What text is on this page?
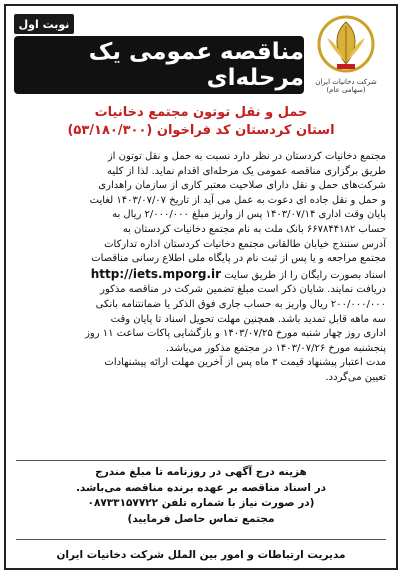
نوبت اول
مناقصه عمومی یک مرحله‌ای	شرکت دخانیات ایران (سهامی عام)
حمل و نقل توتون مجتمع دخانیات
استان کردستان کد فراخوان (۵۳/۱۸۰/۳۰۰)
مجتمع دخانیات کردستان در نظر دارد نسبت به حمل و نقل توتون از
طریق برگزاری مناقصه عمومی یک مرحله‌ای اقدام نماید. لذا از کلیه
شرکت‌های حمل و نقل دارای صلاحیت معتبر کاری از سازمان راهداری
و حمل و نقل جاده ای دعوت به عمل می آید از تاریخ ۱۴۰۳/۰۷/۰۷ لغایت
پایان وقت اداری ۱۴۰۳/۰۷/۱۴ پس از واریز مبلغ ۲/۰۰۰/۰۰۰ ریال به
حساب ۶۶۷۸۴۴۱۸۲ بانک ملت به نام مجتمع دخانیات کردستان به
آدرس سنندج خیابان طالقانی مجتمع دخانیات کردستان اداره تدارکات
مجتمع مراجعه و یا پس از ثبت نام در پایگاه ملی اطلاع رسانی مناقصات
اسناد بصورت رایگان را از طریق سایت http://iets.mporg.ir
دریافت نمایند. شایان ذکر است مبلغ تضمین شرکت در مناقصه مذکور
۲۰۰/۰۰۰/۰۰۰ ریال واریز به حساب جاری فوق الذکر یا ضمانتنامه بانکی
سه ماهه قابل تمدید باشد. همچنین مهلت تحویل اسناد تا پایان وقت
اداری روز چهار شنبه مورخ ۱۴۰۳/۰۷/۲۵ و بازگشایی پاکات ساعت ۱۱ روز
پنجشنبه مورخ ۱۴۰۳/۰۷/۲۶ در مجتمع مذکور می‌باشد.
مدت اعتبار پیشنهاد قیمت ۳ ماه پس از آخرین مهلت ارائه پیشنهادات
تعیین می‌گردد.
هزینه درج آگهی در روزنامه تا مبلغ مندرج
در اسناد مناقصه بر عهده برنده مناقصه می‌باشد.
(در صورت نیاز با شماره تلفن ۰۸۷۳۳۱۵۷۷۲۲
مجتمع تماس حاصل فرمایید)
مدیریت ارتباطات و امور بین الملل شرکت دخانیات ایران
